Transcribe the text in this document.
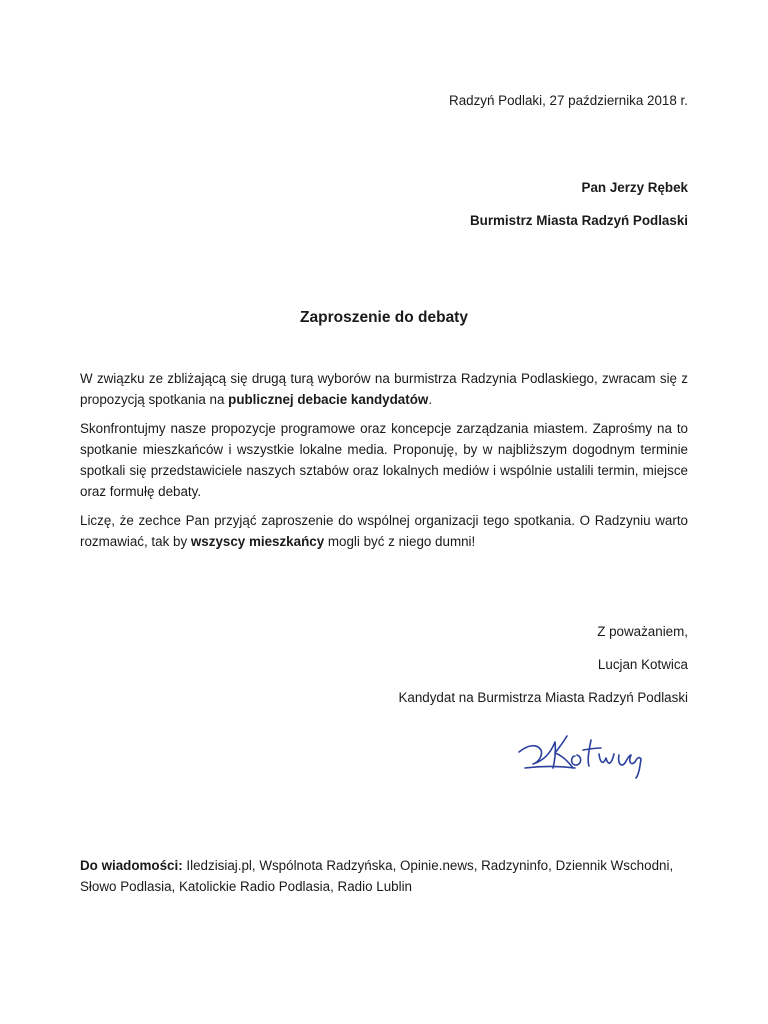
Radzyń Podlaki, 27 października 2018 r.
Pan Jerzy Rębek
Burmistrz Miasta Radzyń Podlaski
Zaproszenie do debaty

W związku ze zbliżającą się drugą turą wyborów na burmistrza Radzynia Podlaskiego, zwracam się z propozycją spotkania na publicznej debacie kandydatów.

Skonfrontujmy nasze propozycje programowe oraz koncepcje zarządzania miastem. Zaprośmy na to spotkanie mieszkańców i wszystkie lokalne media. Proponuję, by w najbliższym dogodnym terminie spotkali się przedstawiciele naszych sztabów oraz lokalnych mediów i wspólnie ustalili termin, miejsce oraz formułę debaty.

Liczę, że zechce Pan przyjąć zaproszenie do wspólnej organizacji tego spotkania. O Radzyniu warto rozmawiać, tak by wszyscy mieszkańcy mogli być z niego dumni!

Z poważaniem,
Lucjan Kotwica
Kandydat na Burmistrza Miasta Radzyń Podlaski
Do wiadomości: Iledzisiaj.pl, Wspólnota Radzyńska, Opinie.news, Radzyninfo, Dziennik Wschodni, Słowo Podlasia, Katolickie Radio Podlasia, Radio Lublin
